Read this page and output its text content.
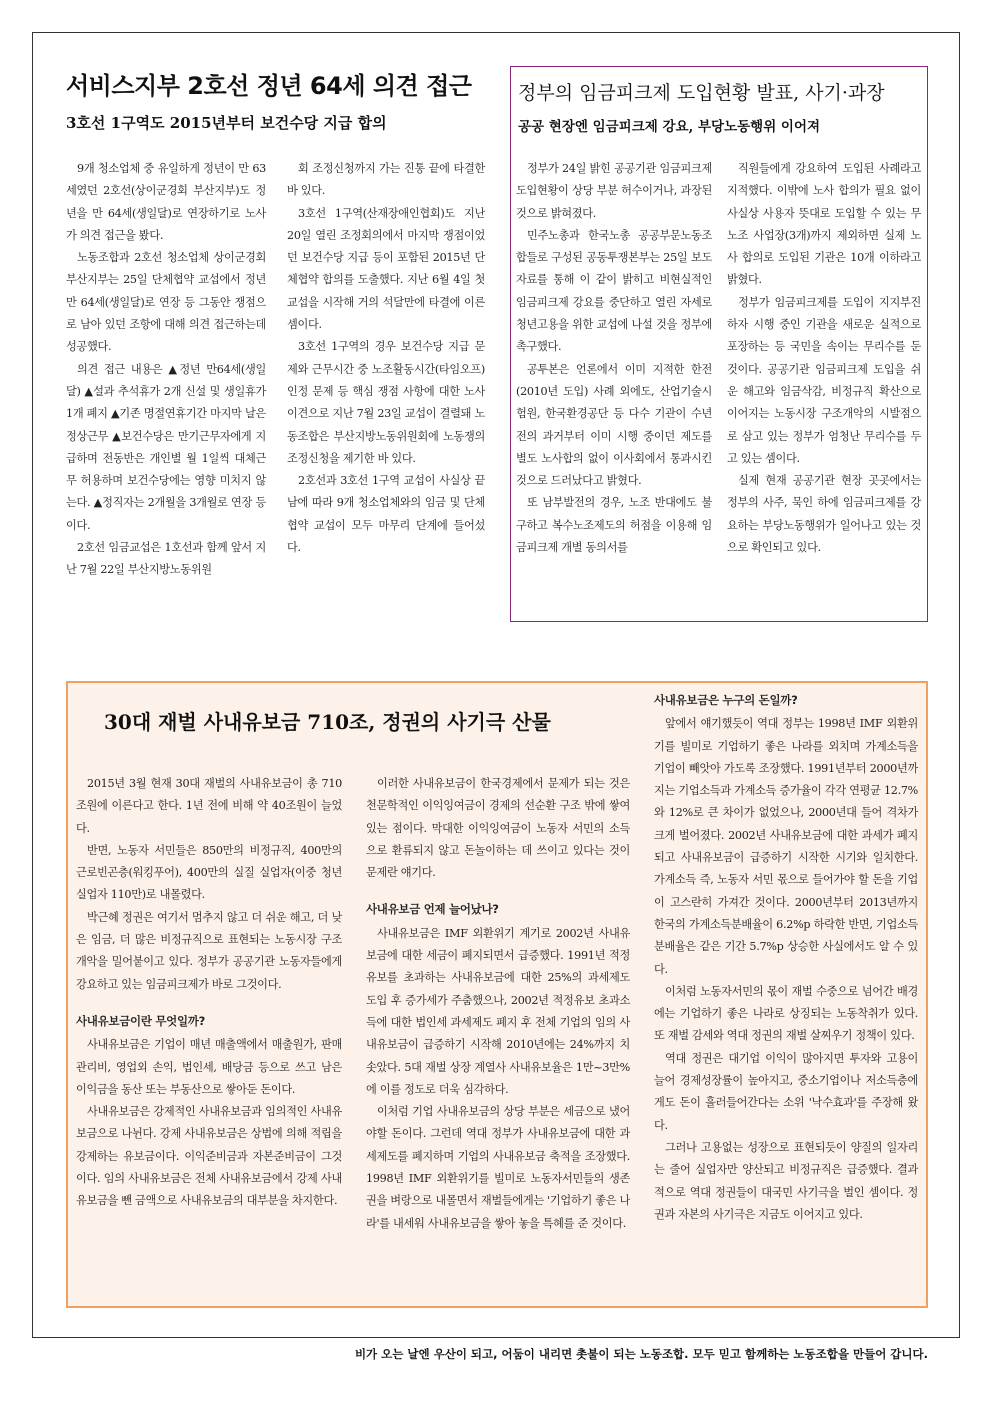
서비스지부 2호선 정년 64세 의견 접근
3호선 1구역도 2015년부터 보건수당 지급 합의

9개 청소업체 중 유일하게 정년이 만 63세였던 2호선(상이군경회 부산지부)도 정년을 만 64세(생일달)로 연장하기로 노사가 의견 접근을 봤다.

노동조합과 2호선 청소업체 상이군경회부산지부는 25일 단체협약 교섭에서 정년 만 64세(생일달)로 연장 등 그동안 쟁점으로 남아 있던 조항에 대해 의견 접근하는데 성공했다.

의견 접근 내용은 ▲정년 만64세(생일달) ▲설과 추석휴가 2개 신설 및 생일휴가 1개 폐지 ▲기존 명절연휴기간 마지막 날은 정상근무 ▲보건수당은 만기근무자에게 지급하며 전동반은 개인별 월 1일씩 대체근무 허용하며 보건수당에는 영향 미치지 않는다. ▲정직자는 2개월을 3개월로 연장 등이다.

2호선 임금교섭은 1호선과 함께 앞서 지난 7월 22일 부산지방노동위원

회 조정신청까지 가는 진통 끝에 타결한 바 있다.

3호선 1구역(산재장애인협회)도 지난 20일 열린 조정회의에서 마지막 쟁점이었던 보건수당 지급 등이 포함된 2015년 단체협약 합의를 도출했다. 지난 6월 4일 첫 교섭을 시작해 거의 석달만에 타결에 이른 셈이다.

3호선 1구역의 경우 보건수당 지급 문제와 근무시간 중 노조활동시간(타임오프) 인정 문제 등 핵심 쟁점 사항에 대한 노사 이견으로 지난 7월 23일 교섭이 결렬돼 노동조합은 부산지방노동위원회에 노동쟁의 조정신청을 제기한 바 있다.

2호선과 3호선 1구역 교섭이 사실상 끝남에 따라 9개 청소업체와의 임금 및 단체협약 교섭이 모두 마무리 단계에 들어섰다.

정부의 임금피크제 도입현황 발표, 사기·과장
공공 현장엔 임금피크제 강요, 부당노동행위 이어져

정부가 24일 밝힌 공공기관 임금피크제 도입현황이 상당 부분 허수이거나, 과장된 것으로 밝혀졌다.

민주노총과 한국노총 공공부문노동조합들로 구성된 공동투쟁본부는 25일 보도자료를 통해 이 같이 밝히고 비현실적인 임금피크제 강요를 중단하고 열린 자세로 청년고용을 위한 교섭에 나설 것을 정부에 촉구했다.

공투본은 언론에서 이미 지적한 한전(2010년 도입) 사례 외에도, 산업기술시험원, 한국환경공단 등 다수 기관이 수년전의 과거부터 이미 시행 중이던 제도를 별도 노사합의 없이 이사회에서 통과시킨 것으로 드러났다고 밝혔다.

또 남부발전의 경우, 노조 반대에도 불구하고 복수노조제도의 허점을 이용해 임금피크제 개별 동의서를

직원들에게 강요하여 도입된 사례라고 지적했다. 이밖에 노사 합의가 필요 없이 사실상 사용자 뜻대로 도입할 수 있는 무노조 사업장(3개)까지 제외하면 실제 노사 합의로 도입된 기관은 10개 이하라고 밝혔다.

정부가 임금피크제를 도입이 지지부진하자 시행 중인 기관을 새로운 실적으로 포장하는 등 국민을 속이는 무리수를 둔 것이다. 공공기관 임금피크제 도입을 쉬운 해고와 임금삭감, 비정규직 확산으로 이어지는 노동시장 구조개악의 시발점으로 삼고 있는 정부가 엄청난 무리수를 두고 있는 셈이다.

실제 현재 공공기관 현장 곳곳에서는 정부의 사주, 묵인 하에 임금피크제를 강요하는 부당노동행위가 일어나고 있는 것으로 확인되고 있다.

30대 재벌 사내유보금 710조, 정권의 사기극 산물

2015년 3월 현재 30대 재벌의 사내유보금이 총 710조원에 이른다고 한다. 1년 전에 비해 약 40조원이 늘었다.

반면, 노동자 서민들은 850만의 비정규직, 400만의 근로빈곤층(워킹푸어), 400만의 실질 실업자(이중 청년실업자 110만)로 내몰렸다.

박근혜 정권은 여기서 멈추지 않고 더 쉬운 해고, 더 낮은 임금, 더 많은 비정규직으로 표현되는 노동시장 구조개악을 밀어붙이고 있다. 정부가 공공기관 노동자들에게 강요하고 있는 임금피크제가 바로 그것이다.

사내유보금이란 무엇일까?

사내유보금은 기업이 매년 매출액에서 매출원가, 판매관리비, 영업외 손익, 법인세, 배당금 등으로 쓰고 남은 이익금을 동산 또는 부동산으로 쌓아둔 돈이다.

사내유보금은 강제적인 사내유보금과 임의적인 사내유보금으로 나뉜다. 강제 사내유보금은 상법에 의해 적립을 강제하는 유보금이다. 이익준비금과 자본준비금이 그것이다. 임의 사내유보금은 전체 사내유보금에서 강제 사내유보금을 뺀 금액으로 사내유보금의 대부분을 차지한다.

이러한 사내유보금이 한국경제에서 문제가 되는 것은 천문학적인 이익잉여금이 경제의 선순환 구조 밖에 쌓여 있는 점이다. 막대한 이익잉여금이 노동자 서민의 소득으로 환류되지 않고 돈놀이하는 데 쓰이고 있다는 것이 문제란 얘기다.

사내유보금 언제 늘어났나?

사내유보금은 IMF 외환위기 계기로 2002년 사내유보금에 대한 세금이 폐지되면서 급증했다. 1991년 적정유보를 초과하는 사내유보금에 대한 25%의 과세제도 도입 후 증가세가 주춤했으나, 2002년 적정유보 초과소득에 대한 법인세 과세제도 폐지 후 전체 기업의 임의 사내유보금이 급증하기 시작해 2010년에는 24%까지 치솟았다. 5대 재벌 상장 계열사 사내유보율은 1만~3만%에 이를 정도로 더욱 심각하다.

이처럼 기업 사내유보금의 상당 부분은 세금으로 냈어야할 돈이다. 그런데 역대 정부가 사내유보금에 대한 과세제도를 폐지하며 기업의 사내유보금 축적을 조장했다. 1998년 IMF 외환위기를 빌미로 노동자서민들의 생존권을 벼랑으로 내몰면서 재벌들에게는 '기업하기 좋은 나라'를 내세워 사내유보금을 쌓아 놓을 특혜를 준 것이다.

사내유보금은 누구의 돈일까?

앞에서 얘기했듯이 역대 정부는 1998년 IMF 외환위기를 빌미로 기업하기 좋은 나라를 외치며 가계소득을 기업이 빼앗아 가도록 조장했다. 1991년부터 2000년까지는 기업소득과 가계소득 증가율이 각각 연평균 12.7%와 12%로 큰 차이가 없었으나, 2000년대 들어 격차가 크게 벌어졌다. 2002년 사내유보금에 대한 과세가 폐지되고 사내유보금이 급증하기 시작한 시기와 일치한다. 가계소득 즉, 노동자 서민 몫으로 들어가야 할 돈을 기업이 고스란히 가져간 것이다. 2000년부터 2013년까지 한국의 가계소득분배율이 6.2%p 하락한 반면, 기업소득분배율은 같은 기간 5.7%p 상승한 사실에서도 알 수 있다.

이처럼 노동자서민의 몫이 재벌 수중으로 넘어간 배경에는 기업하기 좋은 나라로 상징되는 노동착취가 있다. 또 재벌 감세와 역대 정권의 재벌 살찌우기 정책이 있다.

역대 정권은 대기업 이익이 많아지면 투자와 고용이 늘어 경제성장률이 높아지고, 중소기업이나 저소득층에게도 돈이 흘러들어간다는 소위 '낙수효과'를 주장해 왔다.

그러나 고용없는 성장으로 표현되듯이 양질의 일자리는 줄어 실업자만 양산되고 비정규직은 급증했다. 결과적으로 역대 정권들이 대국민 사기극을 벌인 셈이다. 정권과 자본의 사기극은 지금도 이어지고 있다.

비가 오는 날엔 우산이 되고, 어둠이 내리면 촛불이 되는 노동조합. 모두 믿고 함께하는 노동조합을 만들어 갑니다.
